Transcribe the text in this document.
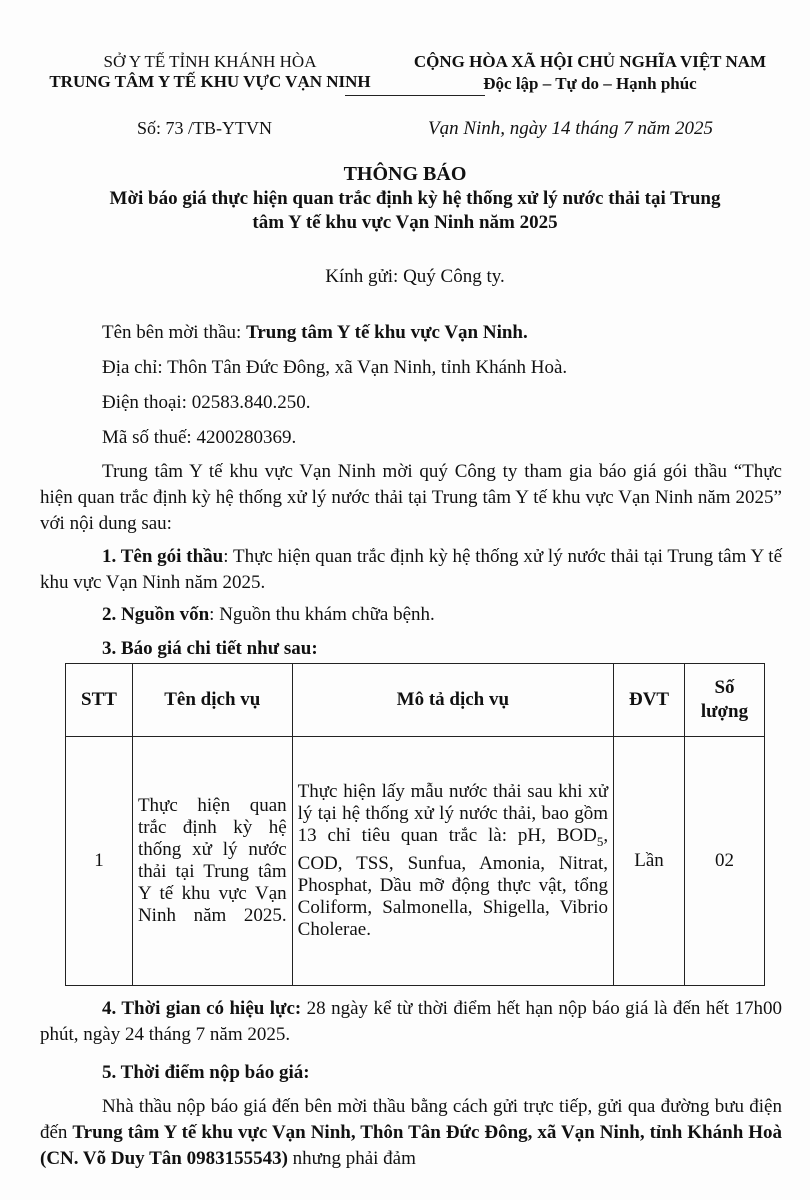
SỞ Y TẾ TỈNH KHÁNH HÒA
TRUNG TÂM Y TẾ KHU VỰC VẠN NINH
CỘNG HÒA XÃ HỘI CHỦ NGHĨA VIỆT NAM
Độc lập – Tự do – Hạnh phúc
Số: 73 /TB-YTVN	Vạn Ninh, ngày 14 tháng 7 năm 2025
THÔNG BÁO
Mời báo giá thực hiện quan trắc định kỳ hệ thống xử lý nước thải tại Trung
tâm Y tế khu vực Vạn Ninh năm 2025
Kính gửi: Quý Công ty.
Tên bên mời thầu: Trung tâm Y tế khu vực Vạn Ninh.
Địa chỉ: Thôn Tân Đức Đông, xã Vạn Ninh, tỉnh Khánh Hoà.
Điện thoại: 02583.840.250.
Mã số thuế: 4200280369.
Trung tâm Y tế khu vực Vạn Ninh mời quý Công ty tham gia báo giá gói thầu “Thực hiện quan trắc định kỳ hệ thống xử lý nước thải tại Trung tâm Y tế khu vực Vạn Ninh năm 2025” với nội dung sau:
1. Tên gói thầu: Thực hiện quan trắc định kỳ hệ thống xử lý nước thải tại Trung tâm Y tế khu vực Vạn Ninh năm 2025.
2. Nguồn vốn: Nguồn thu khám chữa bệnh.
3. Báo giá chi tiết như sau:
STT	Tên dịch vụ	Mô tả dịch vụ	ĐVT	Số lượng
1	Thực hiện quan trắc định kỳ hệ thống xử lý nước thải tại Trung tâm Y tế khu vực Vạn Ninh năm 2025.	Thực hiện lấy mẫu nước thải sau khi xử lý tại hệ thống xử lý nước thải, bao gồm 13 chỉ tiêu quan trắc là: pH, $BOD_5$, COD, TSS, Sunfua, Amonia, Nitrat, Phosphat, Dầu mỡ động thực vật, tổng Coliform, Salmonella, Shigella, Vibrio Cholerae.	Lần	02
4. Thời gian có hiệu lực: 28 ngày kể từ thời điểm hết hạn nộp báo giá là đến hết 17h00 phút, ngày 24 tháng 7 năm 2025.
5. Thời điểm nộp báo giá:
Nhà thầu nộp báo giá đến bên mời thầu bằng cách gửi trực tiếp, gửi qua đường bưu điện đến Trung tâm Y tế khu vực Vạn Ninh, Thôn Tân Đức Đông, xã Vạn Ninh, tỉnh Khánh Hoà (CN. Võ Duy Tân 0983155543) nhưng phải đảm
